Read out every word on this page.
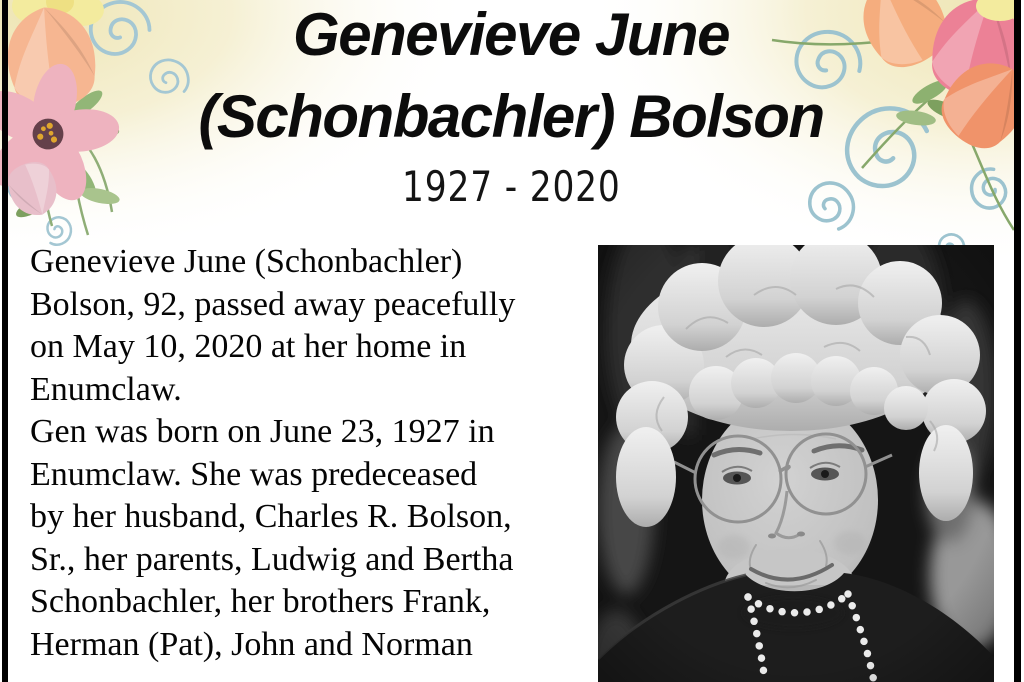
Genevieve June
(Schonbachler) Bolson
1927 - 2020
Genevieve June (Schonbachler)
Bolson, 92, passed away peacefully
on May 10, 2020 at her home in
Enumclaw.
Gen was born on June 23, 1927 in
Enumclaw. She was predeceased
by her husband, Charles R. Bolson,
Sr., her parents, Ludwig and Bertha
Schonbachler, her brothers Frank,
Herman (Pat), John and Norman
